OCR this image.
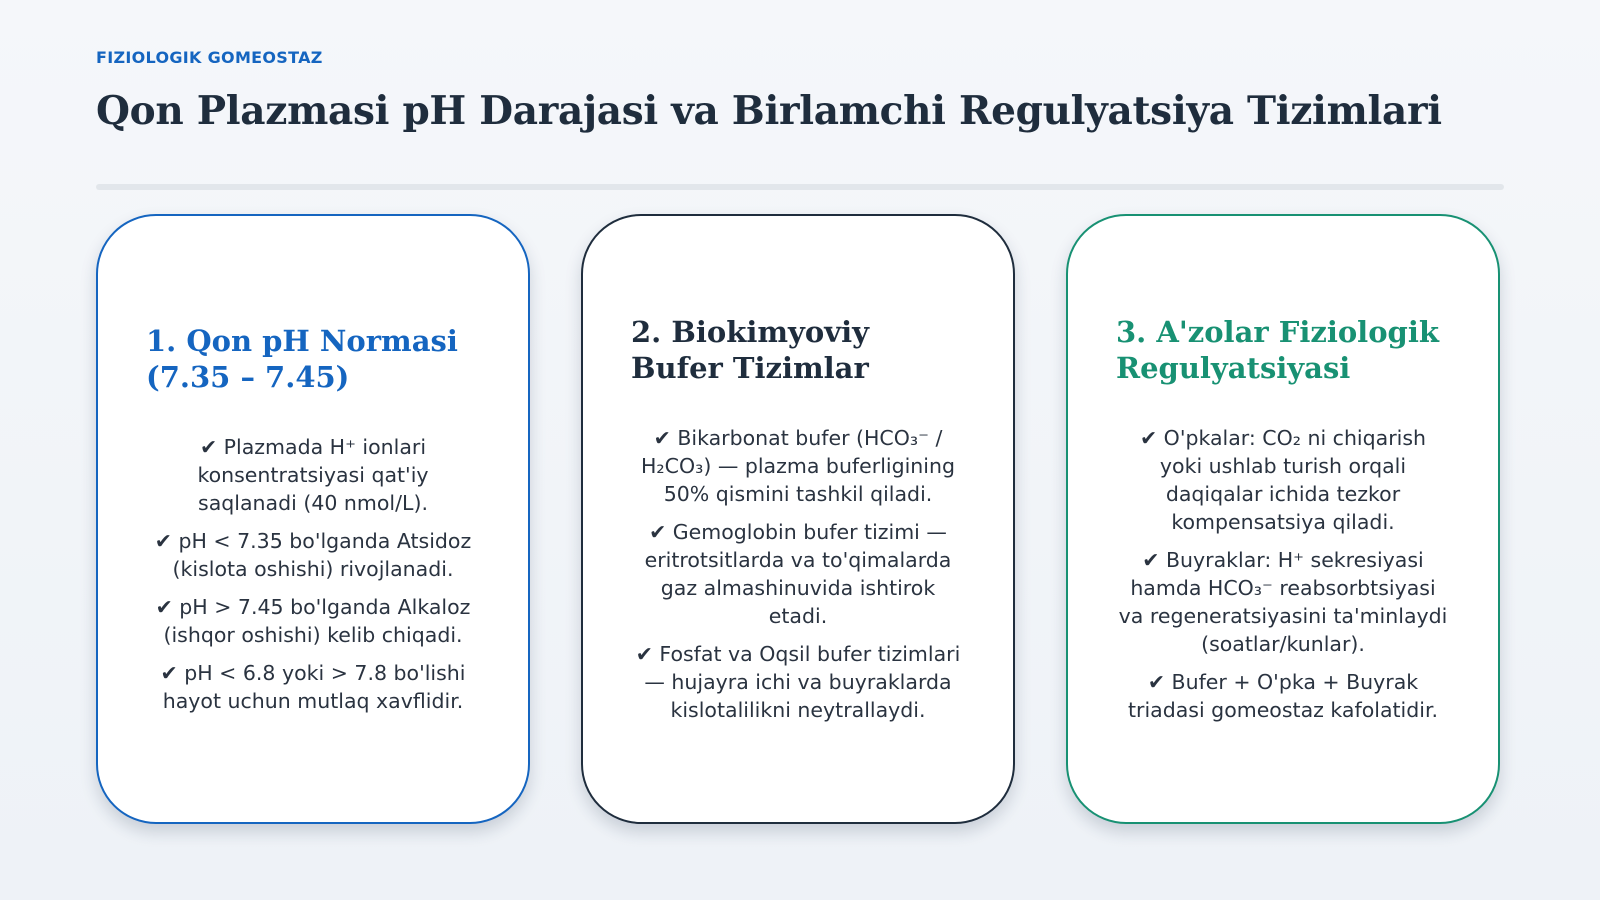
FIZIOLOGIK GOMEOSTAZ
Qon Plazmasi pH Darajasi va Birlamchi Regulyatsiya Tizimlari
1. Qon pH Normasi (7.35 – 7.45)
✔ Plazmada H⁺ ionlari konsentratsiyasi qat'iy saqlanadi (40 nmol/L).
✔ pH < 7.35 bo'lganda Atsidoz (kislota oshishi) rivojlanadi.
✔ pH > 7.45 bo'lganda Alkaloz (ishqor oshishi) kelib chiqadi.
✔ pH < 6.8 yoki > 7.8 bo'lishi hayot uchun mutlaq xavflidir.
2. Biokimyoviy Bufer Tizimlar
✔ Bikarbonat bufer (HCO₃⁻ / H₂CO₃) — plazma buferligining 50% qismini tashkil qiladi.
✔ Gemoglobin bufer tizimi — eritrotsitlarda va to'qimalarda gaz almashinuvida ishtirok etadi.
✔ Fosfat va Oqsil bufer tizimlari — hujayra ichi va buyraklarda kislotalilikni neytrallaydi.
3. A'zolar Fiziologik Regulyatsiyasi
✔ O'pkalar: CO₂ ni chiqarish yoki ushlab turish orqali daqiqalar ichida tezkor kompensatsiya qiladi.
✔ Buyraklar: H⁺ sekresiyasi hamda HCO₃⁻ reabsorbtsiyasi va regeneratsiyasini ta'minlaydi (soatlar/kunlar).
✔ Bufer + O'pka + Buyrak triadasi gomeostaz kafolatidir.
